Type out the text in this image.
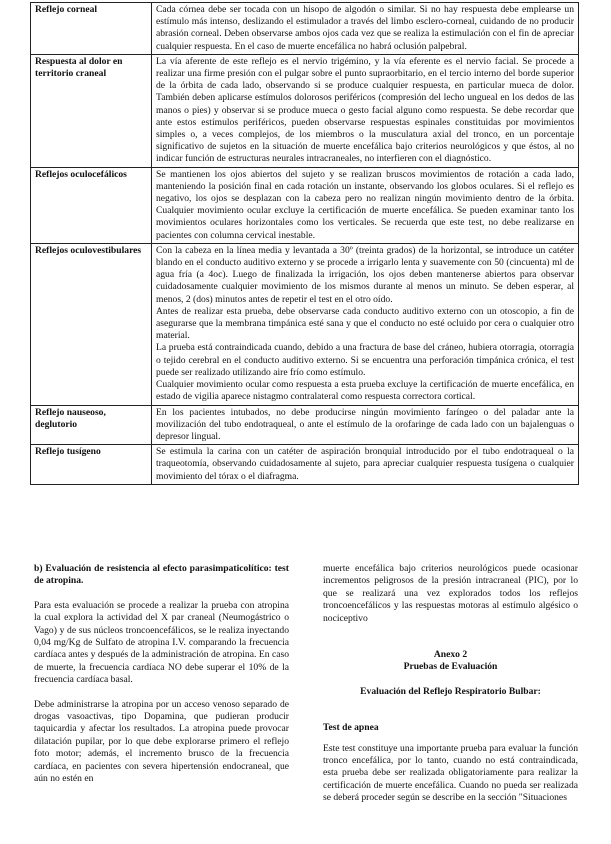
Reflejo corneal	Cada córnea debe ser tocada con un hisopo de algodón o similar. Si no hay respuesta debe emplearse un estímulo más intenso, deslizando el estimulador a través del limbo esclero-corneal, cuidando de no producir abrasión corneal. Deben observarse ambos ojos cada vez que se realiza la estimulación con el fin de apreciar cualquier respuesta. En el caso de muerte encefálica no habrá oclusión palpebral.

Respuesta al dolor en territorio craneal	La vía aferente de este reflejo es el nervio trigémino, y la vía eferente es el nervio facial. Se procede a realizar una firme presión con el pulgar sobre el punto supraorbitario, en el tercio interno del borde superior de la órbita de cada lado, observando si se produce cualquier respuesta, en particular mueca de dolor. También deben aplicarse estímulos dolorosos periféricos (compresión del lecho ungueal en los dedos de las manos o pies) y observar si se produce mueca o gesto facial alguno como respuesta. Se debe recordar que ante estos estímulos periféricos, pueden observarse respuestas espinales constituidas por movimientos simples o, a veces complejos, de los miembros o la musculatura axial del tronco, en un porcentaje significativo de sujetos en la situación de muerte encefálica bajo criterios neurológicos y que éstos, al no indicar función de estructuras neurales intracraneales, no interfieren con el diagnóstico.

Reflejos oculocefálicos	Se mantienen los ojos abiertos del sujeto y se realizan bruscos movimientos de rotación a cada lado, manteniendo la posición final en cada rotación un instante, observando los globos oculares. Si el reflejo es negativo, los ojos se desplazan con la cabeza pero no realizan ningún movimiento dentro de la órbita. Cualquier movimiento ocular excluye la certificación de muerte encefálica. Se pueden examinar tanto los movimientos oculares horizontales como los verticales. Se recuerda que este test, no debe realizarse en pacientes con columna cervical inestable.

Reflejos oculovestibulares	Con la cabeza en la línea media y levantada a 30º (treinta grados) de la horizontal, se introduce un catéter blando en el conducto auditivo externo y se procede a irrigarlo lenta y suavemente con 50 (cincuenta) ml de agua fría (a 4oc). Luego de finalizada la irrigación, los ojos deben mantenerse abiertos para observar cuidadosamente cualquier movimiento de los mismos durante al menos un minuto. Se deben esperar, al menos, 2 (dos) minutos antes de repetir el test en el otro oído.

Antes de realizar esta prueba, debe observarse cada conducto auditivo externo con un otoscopio, a fin de asegurarse que la membrana timpánica esté sana y que el conducto no esté ocluido por cera o cualquier otro material.

La prueba está contraindicada cuando, debido a una fractura de base del cráneo, hubiera otorragia, otorragia o tejido cerebral en el conducto auditivo externo. Si se encuentra una perforación timpánica crónica, el test puede ser realizado utilizando aire frío como estímulo.

Cualquier movimiento ocular como respuesta a esta prueba excluye la certificación de muerte encefálica, en estado de vigilia aparece nistagmo contralateral como respuesta correctora cortical.

Reflejo nauseoso, deglutorio	En los pacientes intubados, no debe producirse ningún movimiento faríngeo o del paladar ante la movilización del tubo endotraqueal, o ante el estímulo de la orofaringe de cada lado con un bajalenguas o depresor lingual.

Reflejo tusígeno	Se estimula la carina con un catéter de aspiración bronquial introducido por el tubo endotraqueal o la traqueotomía, observando cuidadosamente al sujeto, para apreciar cualquier respuesta tusígena o cualquier movimiento del tórax o el diafragma.

b) Evaluación de resistencia al efecto parasimpaticolítico: test de atropina.

Para esta evaluación se procede a realizar la prueba con atropina la cual explora la actividad del X par craneal (Neumogástrico o Vago) y de sus núcleos troncoencefálicos, se le realiza inyectando 0,04 mg/Kg de Sulfato de atropina I.V. comparando la frecuencia cardíaca antes y después de la administración de atropina. En caso de muerte, la frecuencia cardíaca NO debe superar el 10% de la frecuencia cardíaca basal.

Debe administrarse la atropina por un acceso venoso separado de drogas vasoactivas, tipo Dopamina, que pudieran producir taquicardia y afectar los resultados. La atropina puede provocar dilatación pupilar, por lo que debe explorarse primero el reflejo foto motor; además, el incremento brusco de la frecuencia cardíaca, en pacientes con severa hipertensión endocraneal, que aún no estén en

muerte encefálica bajo criterios neurológicos puede ocasionar incrementos peligrosos de la presión intracraneal (PIC), por lo que se realizará una vez explorados todos los reflejos troncoencefálicos y las respuestas motoras al estímulo algésico o nociceptivo

Anexo 2

Pruebas de Evaluación

Evaluación del Reflejo Respiratorio Bulbar:

Test de apnea

Este test constituye una importante prueba para evaluar la función tronco encefálica, por lo tanto, cuando no está contraindicada, esta prueba debe ser realizada obligatoriamente para realizar la certificación de muerte encefálica. Cuando no pueda ser realizada se deberá proceder según se describe en la sección "Situaciones
